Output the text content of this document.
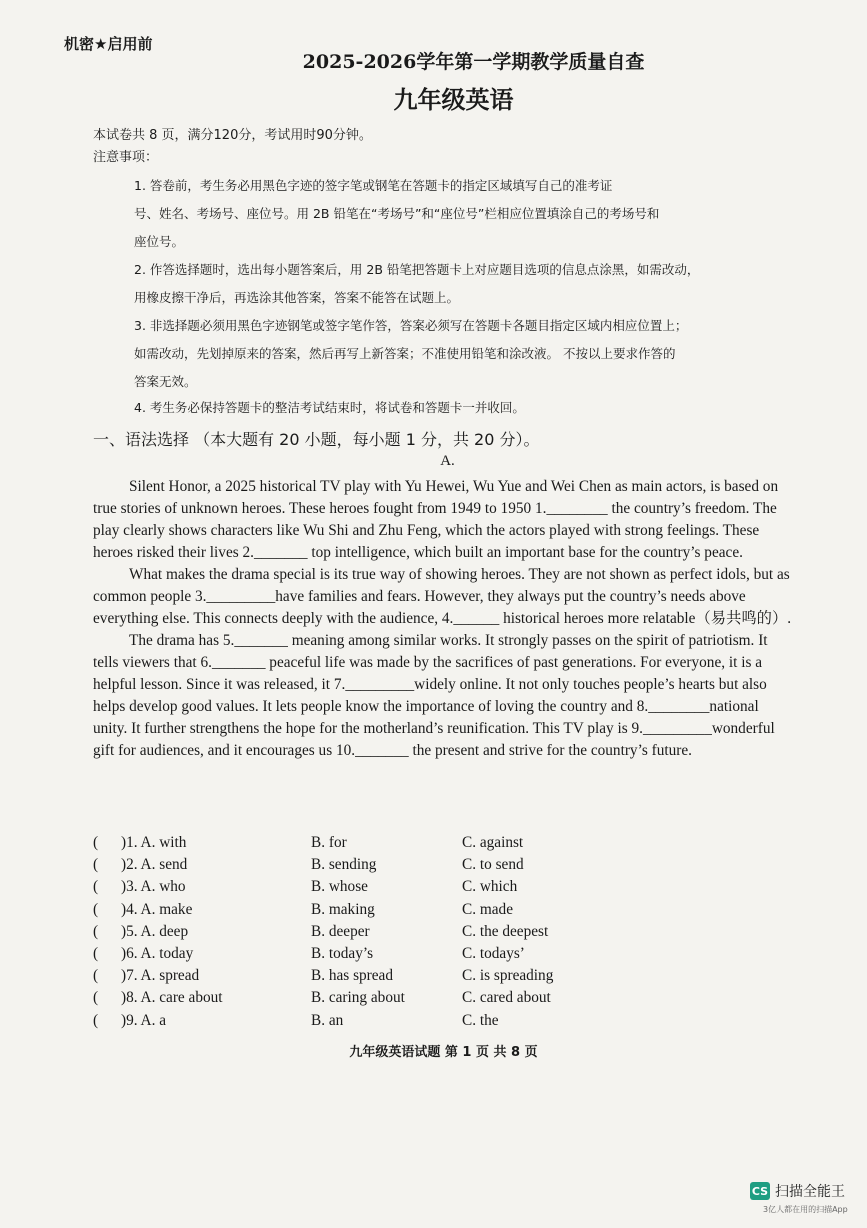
机密★启用前
2025-2026学年第一学期教学质量自查
九年级英语
本试卷共 8 页，满分120分，考试用时90分钟。
注意事项：
1. 答卷前，考生务必用黑色字迹的签字笔或钢笔在答题卡的指定区域填写自己的准考证
号、姓名、考场号、座位号。用 2B 铅笔在“考场号”和“座位号”栏相应位置填涂自己的考场号和
座位号。
2. 作答选择题时，选出每小题答案后，用 2B 铅笔把答题卡上对应题目选项的信息点涂黑，如需改动，
用橡皮擦干净后，再选涂其他答案，答案不能答在试题上。
3. 非选择题必须用黑色字迹钢笔或签字笔作答，答案必须写在答题卡各题目指定区域内相应位置上；
如需改动，先划掉原来的答案，然后再写上新答案；不准使用铅笔和涂改液。 不按以上要求作答的
答案无效。
4. 考生务必保持答题卡的整洁考试结束时，将试卷和答题卡一并收回。
一、语法选择 （本大题有 20 小题，每小题 1 分，共 20 分）。
A.

Silent Honor, a 2025 historical TV play with Yu Hewei, Wu Yue and Wei Chen as main actors, is based on true stories of unknown heroes. These heroes fought from 1949 to 1950 1.________ the country’s freedom. The play clearly shows characters like Wu Shi and Zhu Feng, which the actors played with strong feelings. These heroes risked their lives 2._______ top intelligence, which built an important base for the country’s peace.

What makes the drama special is its true way of showing heroes. They are not shown as perfect idols, but as common people 3._________have families and fears. However, they always put the country’s needs above everything else. This connects deeply with the audience, 4.______ historical heroes more relatable（易共鸣的）.

The drama has 5._______ meaning among similar works. It strongly passes on the spirit of patriotism. It tells viewers that 6._______ peaceful life was made by the sacrifices of past generations. For everyone, it is a helpful lesson. Since it was released, it 7._________widely online. It not only touches people’s hearts but also helps develop good values. It lets people know the importance of loving the country and 8.________national unity. It further strengthens the hope for the motherland’s reunification. This TV play is 9._________wonderful gift for audiences, and it encourages us 10._______ the present and strive for the country’s future.

(	)1. A. with	B. for	C. against
(	)2. A. send	B. sending	C. to send
(	)3. A. who	B. whose	C. which
(	)4. A. make	B. making	C. made
(	)5. A. deep	B. deeper	C. the deepest
(	)6. A. today	B. today’s	C. todays’
(	)7. A. spread	B. has spread	C. is spreading
(	)8. A. care about	B. caring about	C. cared about
(	)9. A. a	B. an	C. the
九年级英语试题 第 1 页 共 8 页
CS 扫描全能王
3亿人都在用的扫描App
